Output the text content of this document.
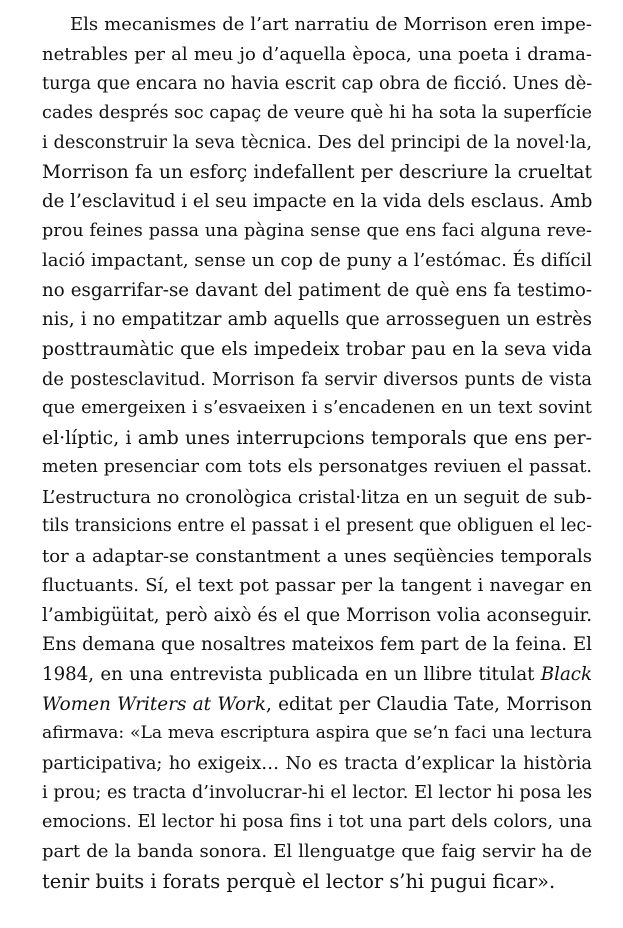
Els mecanismes de l’art narratiu de Morrison eren impe-
netrables per al meu jo d’aquella època, una poeta i drama-
turga que encara no havia escrit cap obra de ficció. Unes dè-
cades després soc capaç de veure què hi ha sota la superfície
i desconstruir la seva tècnica. Des del principi de la novel·la,
Morrison fa un esforç indefallent per descriure la crueltat
de l’esclavitud i el seu impacte en la vida dels esclaus. Amb
prou feines passa una pàgina sense que ens faci alguna reve-
lació impactant, sense un cop de puny a l’estómac. És difícil
no esgarrifar-se davant del patiment de què ens fa testimo-
nis, i no empatitzar amb aquells que arrosseguen un estrès
posttraumàtic que els impedeix trobar pau en la seva vida
de postesclavitud. Morrison fa servir diversos punts de vista
que emergeixen i s’esvaeixen i s’encadenen en un text sovint
el·líptic, i amb unes interrupcions temporals que ens per-
meten presenciar com tots els personatges reviuen el passat.
L’estructura no cronològica cristal·litza en un seguit de sub-
tils transicions entre el passat i el present que obliguen el lec-
tor a adaptar-se constantment a unes seqüències temporals
fluctuants. Sí, el text pot passar per la tangent i navegar en
l’ambigüitat, però això és el que Morrison volia aconseguir.
Ens demana que nosaltres mateixos fem part de la feina. El
1984, en una entrevista publicada en un llibre titulat Black
Women Writers at Work, editat per Claudia Tate, Morrison
afirmava: «La meva escriptura aspira que se’n faci una lectura
participativa; ho exigeix… No es tracta d’explicar la història
i prou; es tracta d’involucrar-hi el lector. El lector hi posa les
emocions. El lector hi posa fins i tot una part dels colors, una
part de la banda sonora. El llenguatge que faig servir ha de
tenir buits i forats perquè el lector s’hi pugui ficar».
